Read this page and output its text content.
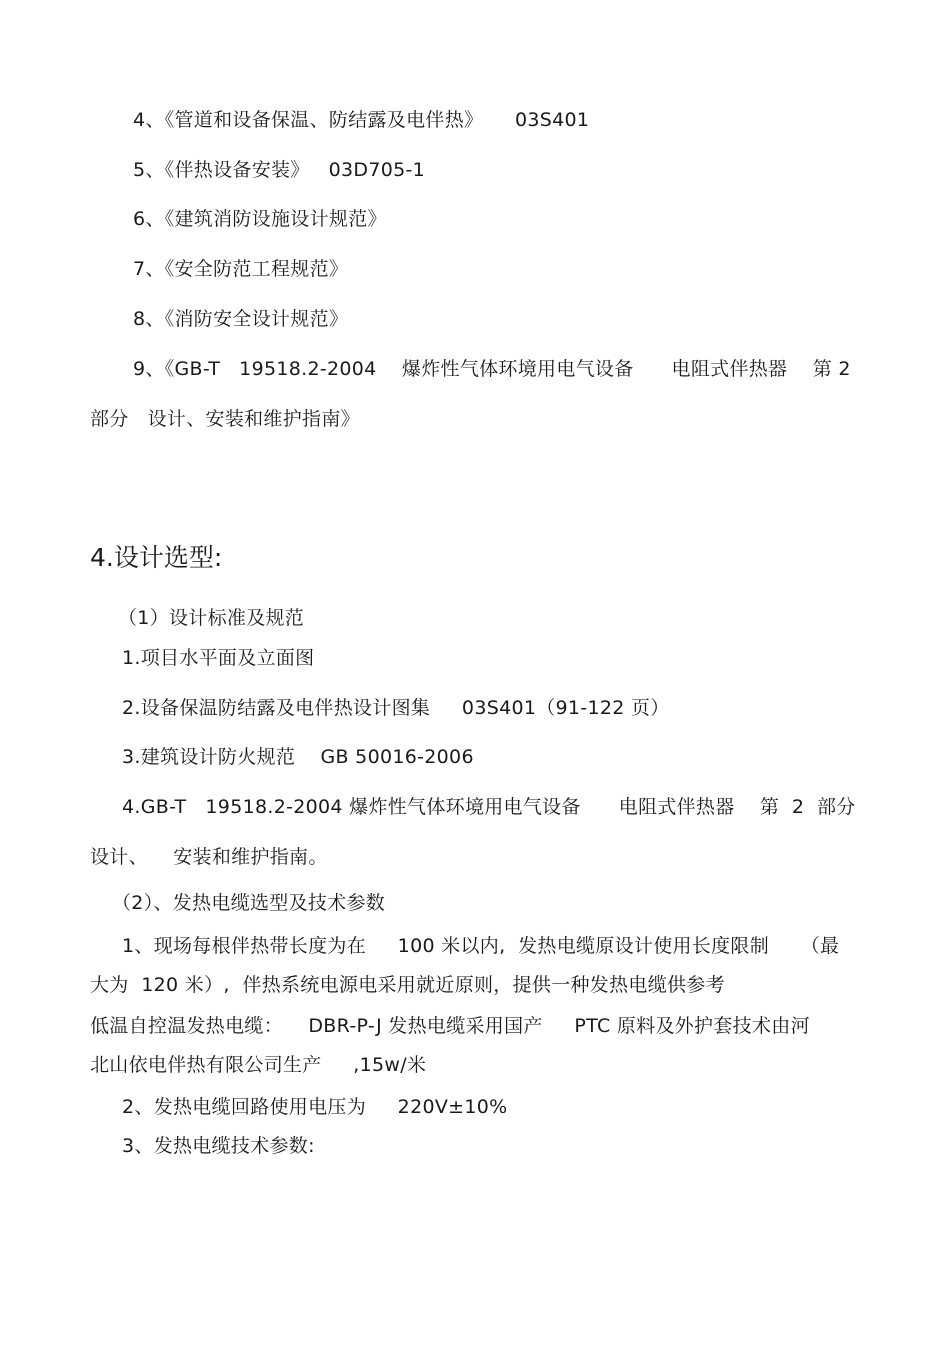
4、《管道和设备保温、防结露及电伴热》     03S401
5、《伴热设备安装》   03D705-1
6、《建筑消防设施设计规范》
7、《安全防范工程规范》
8、《消防安全设计规范》
9、《GB-T   19518.2-2004    爆炸性气体环境用电气设备      电阻式伴热器    第 2
部分   设计、安装和维护指南》
4.设计选型:
（1）设计标准及规范
1.项目水平面及立面图
2.设备保温防结露及电伴热设计图集     03S401（91-122 页）
3.建筑设计防火规范    GB 50016-2006
4.GB-T   19518.2-2004 爆炸性气体环境用电气设备      电阻式伴热器    第  2  部分
设计、    安装和维护指南。
（2）、发热电缆选型及技术参数
1、现场每根伴热带长度为在     100 米以内,  发热电缆原设计使用长度限制     （最
大为  120 米）,  伴热系统电源电采用就近原则，提供一种发热电缆供参考
低温自控温发热电缆：    DBR-P-J 发热电缆采用国产     PTC 原料及外护套技术由河
北山依电伴热有限公司生产     ,15w/米
2、发热电缆回路使用电压为     220V±10%
3、发热电缆技术参数:
